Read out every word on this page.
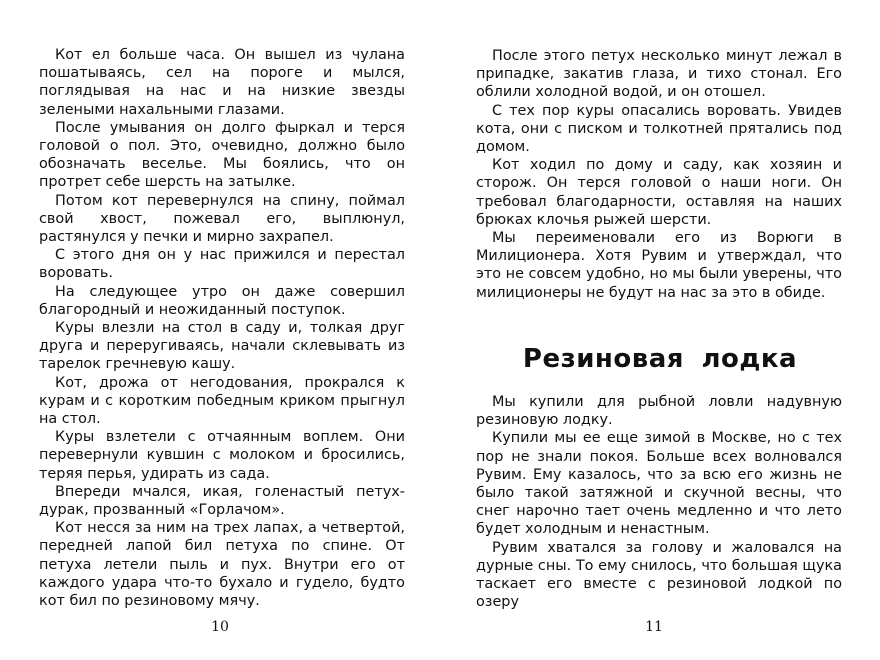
Кот ел больше часа. Он вышел из чулана пошатываясь, сел на пороге и мылся, поглядывая на нас и на низкие звезды зелеными нахальными глазами.

После умывания он долго фыркал и терся головой о пол. Это, очевидно, должно было обозначать веселье. Мы боялись, что он протрет себе шерсть на затылке.

Потом кот перевернулся на спину, поймал свой хвост, пожевал его, выплюнул, растянулся у печки и мирно захрапел.

С этого дня он у нас прижился и перестал воровать.

На следующее утро он даже совершил благородный и неожиданный поступок.

Куры влезли на стол в саду и, толкая друг друга и переругиваясь, начали склевывать из тарелок гречневую кашу.

Кот, дрожа от негодования, прокрался к курам и с коротким победным криком прыгнул на стол.

Куры взлетели с отчаянным воплем. Они перевернули кувшин с молоком и бросились, теряя перья, удирать из сада.

Впереди мчался, икая, голенастый петух-дурак, прозванный «Горлачом».

Кот несся за ним на трех лапах, а четвертой, передней лапой бил петуха по спине. От петуха летели пыль и пух. Внутри его от каждого удара что-то бухало и гудело, будто кот бил по резиновому мячу.

10

После этого петух несколько минут лежал в припадке, закатив глаза, и тихо стонал. Его облили холодной водой, и он отошел.

С тех пор куры опасались воровать. Увидев кота, они с писком и толкотней прятались под домом.

Кот ходил по дому и саду, как хозяин и сторож. Он терся головой о наши ноги. Он требовал благодарности, оставляя на наших брюках клочья рыжей шерсти.

Мы переименовали его из Ворюги в Милиционера. Хотя Рувим и утверждал, что это не совсем удобно, но мы были уверены, что милиционеры не будут на нас за это в обиде.

Резиновая лодка

Мы купили для рыбной ловли надувную резиновую лодку.

Купили мы ее еще зимой в Москве, но с тех пор не знали покоя. Больше всех волновался Рувим. Ему казалось, что за всю его жизнь не было такой затяжной и скучной весны, что снег нарочно тает очень медленно и что лето будет холодным и ненастным.

Рувим хватался за голову и жаловался на дурные сны. То ему снилось, что большая щука таскает его вместе с резиновой лодкой по озеру

11
